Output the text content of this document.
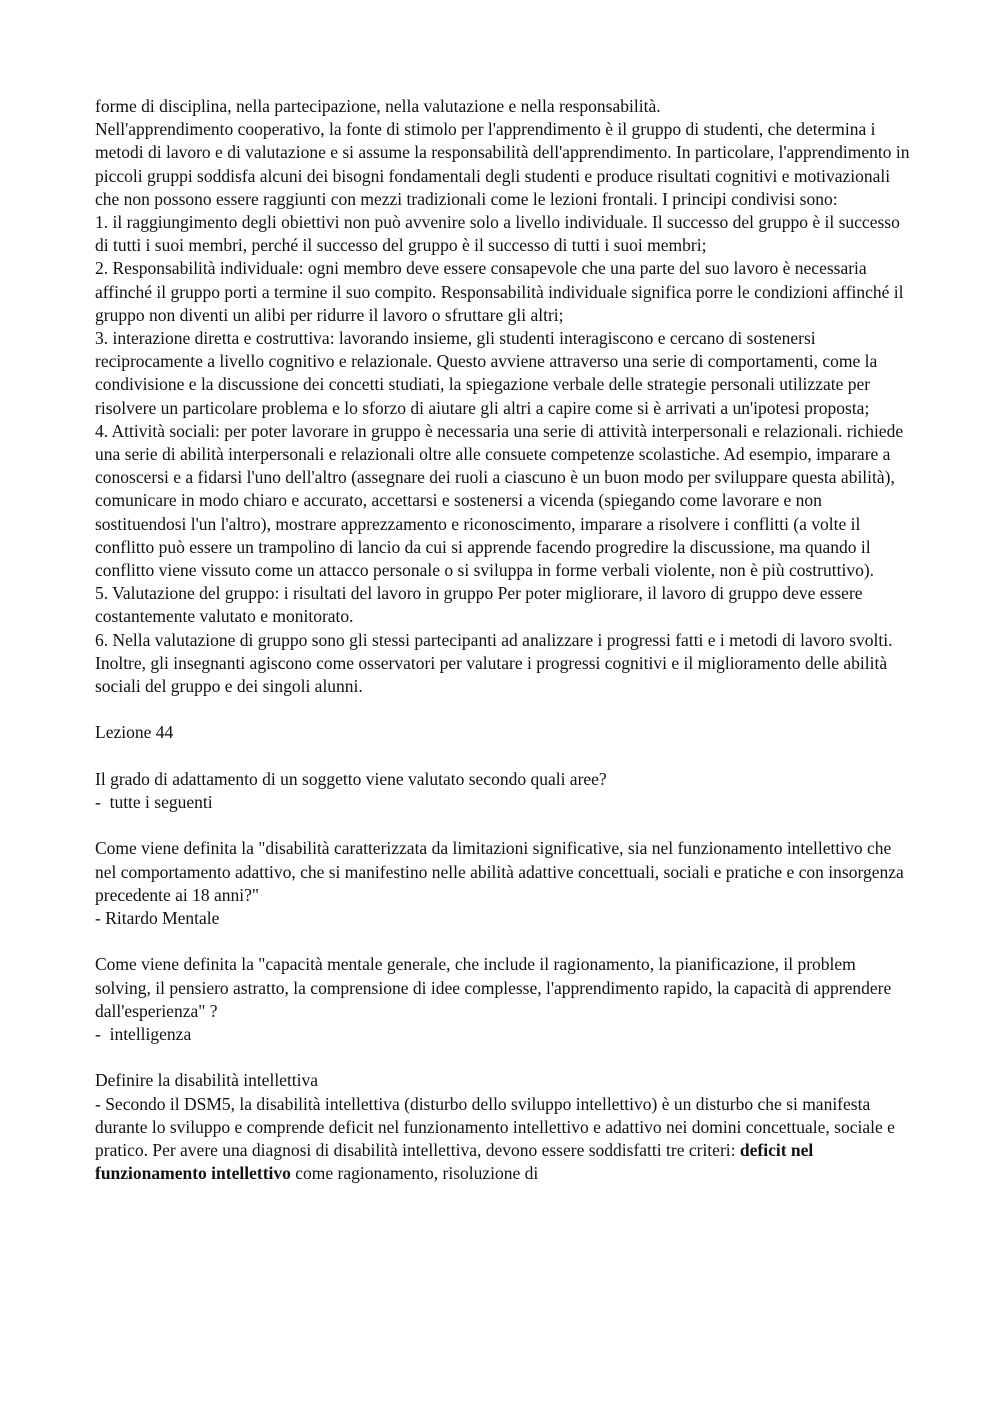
forme di disciplina, nella partecipazione, nella valutazione e nella responsabilità.

Nell'apprendimento cooperativo, la fonte di stimolo per l'apprendimento è il gruppo di studenti, che determina i metodi di lavoro e di valutazione e si assume la responsabilità dell'apprendimento. In particolare, l'apprendimento in piccoli gruppi soddisfa alcuni dei bisogni fondamentali degli studenti e produce risultati cognitivi e motivazionali che non possono essere raggiunti con mezzi tradizionali come le lezioni frontali. I principi condivisi sono:

1. il raggiungimento degli obiettivi non può avvenire solo a livello individuale. Il successo del gruppo è il successo di tutti i suoi membri, perché il successo del gruppo è il successo di tutti i suoi membri;

2. Responsabilità individuale: ogni membro deve essere consapevole che una parte del suo lavoro è necessaria affinché il gruppo porti a termine il suo compito. Responsabilità individuale significa porre le condizioni affinché il gruppo non diventi un alibi per ridurre il lavoro o sfruttare gli altri;

3. interazione diretta e costruttiva: lavorando insieme, gli studenti interagiscono e cercano di sostenersi reciprocamente a livello cognitivo e relazionale. Questo avviene attraverso una serie di comportamenti, come la condivisione e la discussione dei concetti studiati, la spiegazione verbale delle strategie personali utilizzate per risolvere un particolare problema e lo sforzo di aiutare gli altri a capire come si è arrivati a un'ipotesi proposta;

4. Attività sociali: per poter lavorare in gruppo è necessaria una serie di attività interpersonali e relazionali. richiede una serie di abilità interpersonali e relazionali oltre alle consuete competenze scolastiche. Ad esempio, imparare a conoscersi e a fidarsi l'uno dell'altro (assegnare dei ruoli a ciascuno è un buon modo per sviluppare questa abilità), comunicare in modo chiaro e accurato, accettarsi e sostenersi a vicenda (spiegando come lavorare e non sostituendosi l'un l'altro), mostrare apprezzamento e riconoscimento, imparare a risolvere i conflitti (a volte il conflitto può essere un trampolino di lancio da cui si apprende facendo progredire la discussione, ma quando il conflitto viene vissuto come un attacco personale o si sviluppa in forme verbali violente, non è più costruttivo).

5. Valutazione del gruppo: i risultati del lavoro in gruppo Per poter migliorare, il lavoro di gruppo deve essere costantemente valutato e monitorato.

6. Nella valutazione di gruppo sono gli stessi partecipanti ad analizzare i progressi fatti e i metodi di lavoro svolti. Inoltre, gli insegnanti agiscono come osservatori per valutare i progressi cognitivi e il miglioramento delle abilità sociali del gruppo e dei singoli alunni.

Lezione 44

Il grado di adattamento di un soggetto viene valutato secondo quali aree?

-  tutte i seguenti

Come viene definita la "disabilità caratterizzata da limitazioni significative, sia nel funzionamento intellettivo che nel comportamento adattivo, che si manifestino nelle abilità adattive concettuali, sociali e pratiche e con insorgenza precedente ai 18 anni?"

- Ritardo Mentale

Come viene definita la "capacità mentale generale, che include il ragionamento, la pianificazione, il problem solving, il pensiero astratto, la comprensione di idee complesse, l'apprendimento rapido, la capacità di apprendere dall'esperienza" ?

-  intelligenza

Definire la disabilità intellettiva

- Secondo il DSM5, la disabilità intellettiva (disturbo dello sviluppo intellettivo) è un disturbo che si manifesta durante lo sviluppo e comprende deficit nel funzionamento intellettivo e adattivo nei domini concettuale, sociale e pratico. Per avere una diagnosi di disabilità intellettiva, devono essere soddisfatti tre criteri: deficit nel funzionamento intellettivo come ragionamento, risoluzione di
